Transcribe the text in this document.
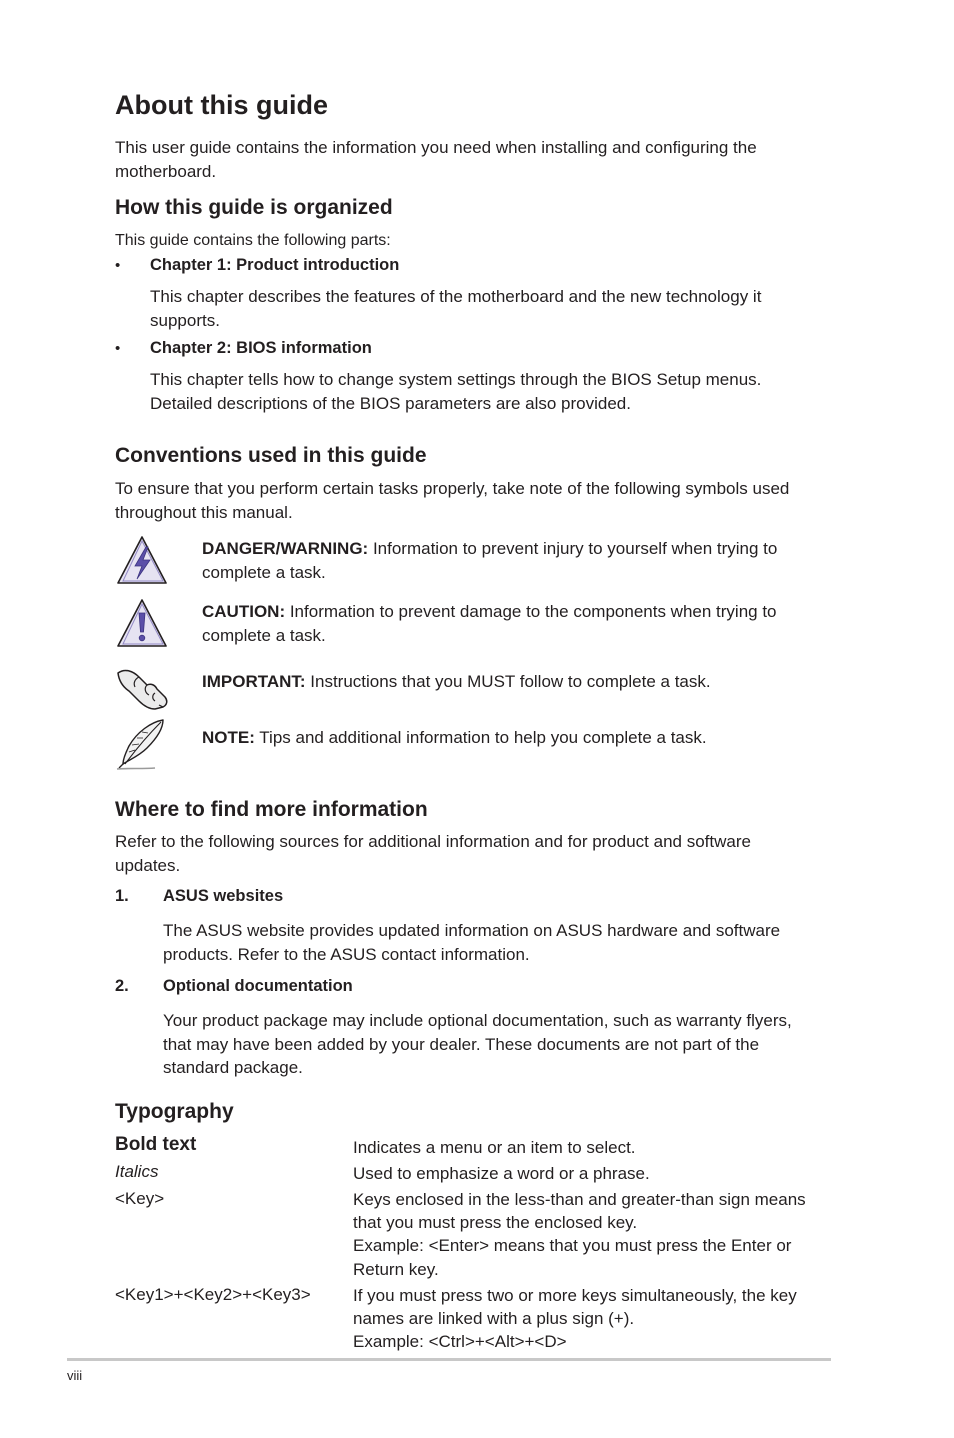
About this guide

This user guide contains the information you need when installing and configuring the motherboard.

How this guide is organized

This guide contains the following parts:

• Chapter 1: Product introduction

This chapter describes the features of the motherboard and the new technology it supports.

• Chapter 2: BIOS information

This chapter tells how to change system settings through the BIOS Setup menus. Detailed descriptions of the BIOS parameters are also provided.

Conventions used in this guide

To ensure that you perform certain tasks properly, take note of the following symbols used throughout this manual.

DANGER/WARNING: Information to prevent injury to yourself when trying to complete a task.
CAUTION: Information to prevent damage to the components when trying to complete a task.
IMPORTANT: Instructions that you MUST follow to complete a task.
NOTE: Tips and additional information to help you complete a task.
Where to find more information

Refer to the following sources for additional information and for product and software updates.

1. ASUS websites

The ASUS website provides updated information on ASUS hardware and software products. Refer to the ASUS contact information.

2. Optional documentation

Your product package may include optional documentation, such as warranty flyers, that may have been added by your dealer. These documents are not part of the standard package.

Typography
Bold text	Indicates a menu or an item to select.
Italics	Used to emphasize a word or a phrase.
<Key>	Keys enclosed in the less-than and greater-than sign means that you must press the enclosed key.
Example: <Enter> means that you must press the Enter or Return key.
<Key1>+<Key2>+<Key3> If you must press two or more keys simultaneously, the key names are linked with a plus sign (+).
Example: <Ctrl>+<Alt>+<D>
viii
